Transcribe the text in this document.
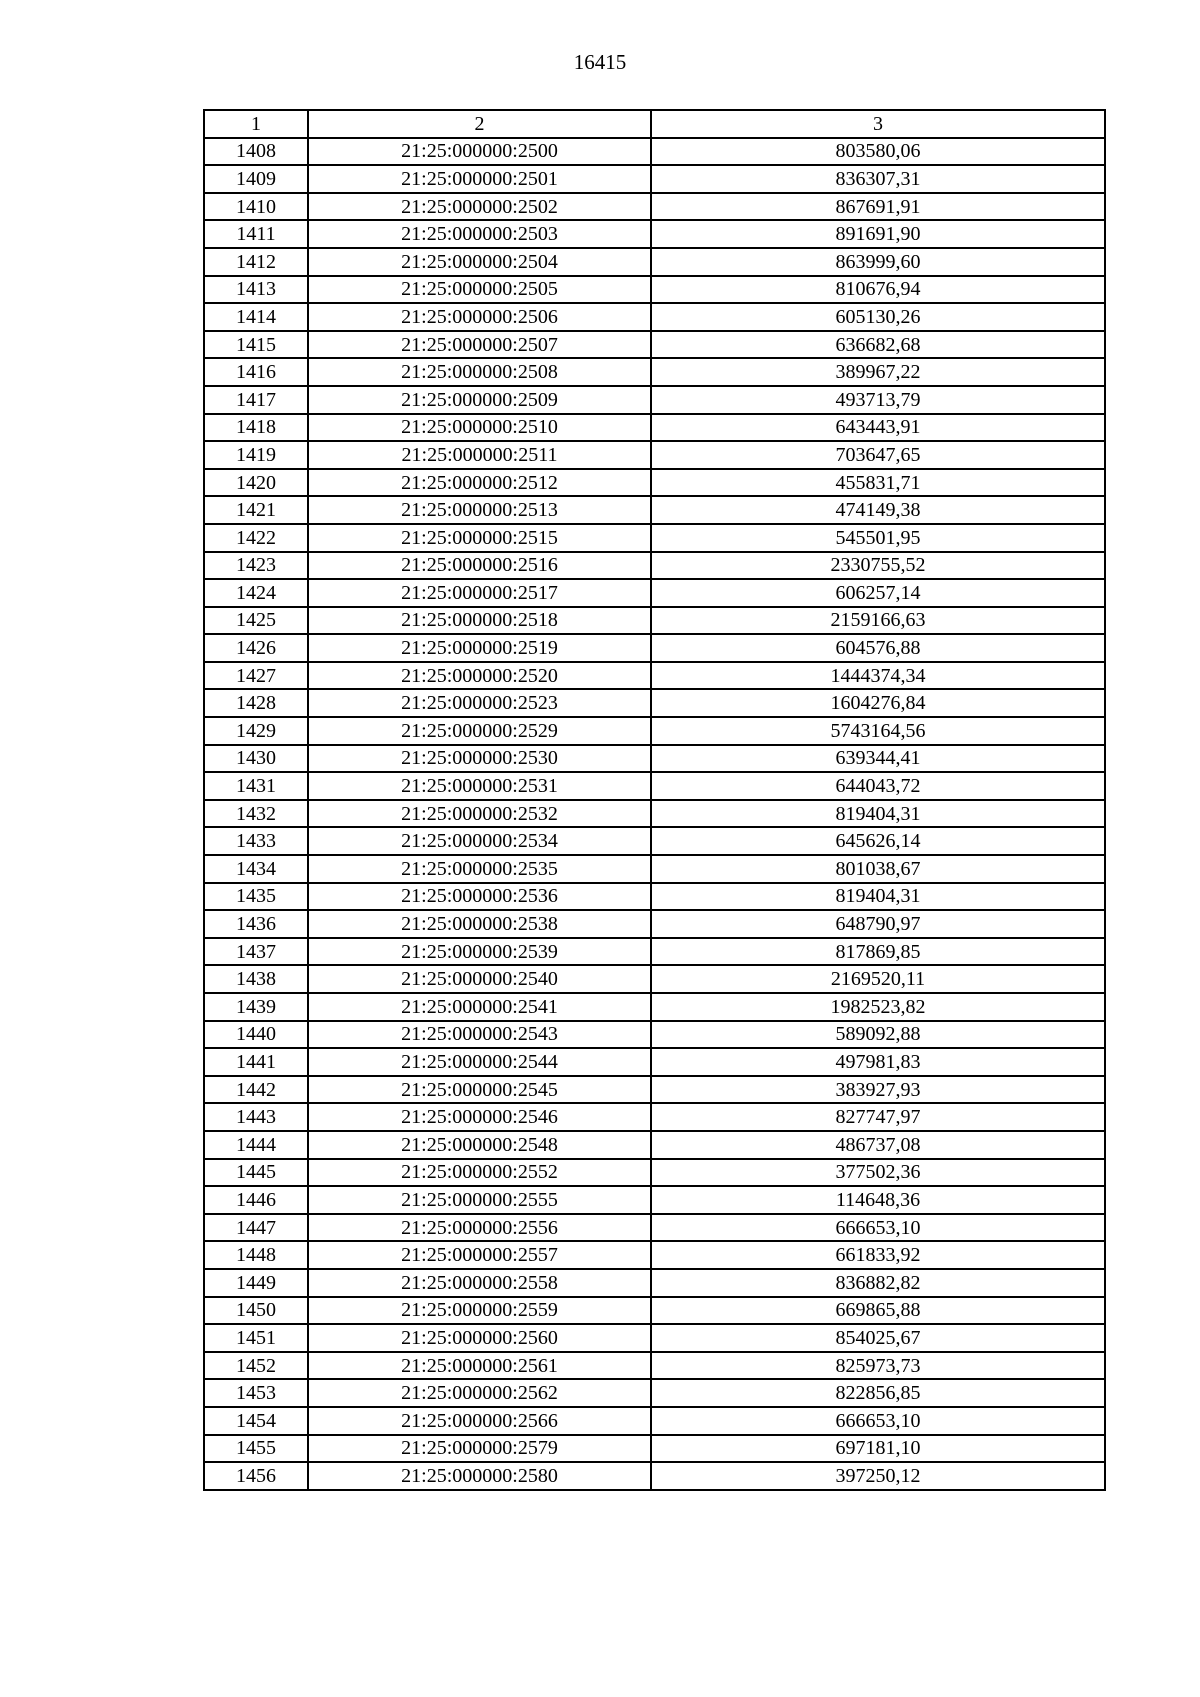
16415
1	2	3
1408	21:25:000000:2500	803580,06
1409	21:25:000000:2501	836307,31
1410	21:25:000000:2502	867691,91
1411	21:25:000000:2503	891691,90
1412	21:25:000000:2504	863999,60
1413	21:25:000000:2505	810676,94
1414	21:25:000000:2506	605130,26
1415	21:25:000000:2507	636682,68
1416	21:25:000000:2508	389967,22
1417	21:25:000000:2509	493713,79
1418	21:25:000000:2510	643443,91
1419	21:25:000000:2511	703647,65
1420	21:25:000000:2512	455831,71
1421	21:25:000000:2513	474149,38
1422	21:25:000000:2515	545501,95
1423	21:25:000000:2516	2330755,52
1424	21:25:000000:2517	606257,14
1425	21:25:000000:2518	2159166,63
1426	21:25:000000:2519	604576,88
1427	21:25:000000:2520	1444374,34
1428	21:25:000000:2523	1604276,84
1429	21:25:000000:2529	5743164,56
1430	21:25:000000:2530	639344,41
1431	21:25:000000:2531	644043,72
1432	21:25:000000:2532	819404,31
1433	21:25:000000:2534	645626,14
1434	21:25:000000:2535	801038,67
1435	21:25:000000:2536	819404,31
1436	21:25:000000:2538	648790,97
1437	21:25:000000:2539	817869,85
1438	21:25:000000:2540	2169520,11
1439	21:25:000000:2541	1982523,82
1440	21:25:000000:2543	589092,88
1441	21:25:000000:2544	497981,83
1442	21:25:000000:2545	383927,93
1443	21:25:000000:2546	827747,97
1444	21:25:000000:2548	486737,08
1445	21:25:000000:2552	377502,36
1446	21:25:000000:2555	114648,36
1447	21:25:000000:2556	666653,10
1448	21:25:000000:2557	661833,92
1449	21:25:000000:2558	836882,82
1450	21:25:000000:2559	669865,88
1451	21:25:000000:2560	854025,67
1452	21:25:000000:2561	825973,73
1453	21:25:000000:2562	822856,85
1454	21:25:000000:2566	666653,10
1455	21:25:000000:2579	697181,10
1456	21:25:000000:2580	397250,12
